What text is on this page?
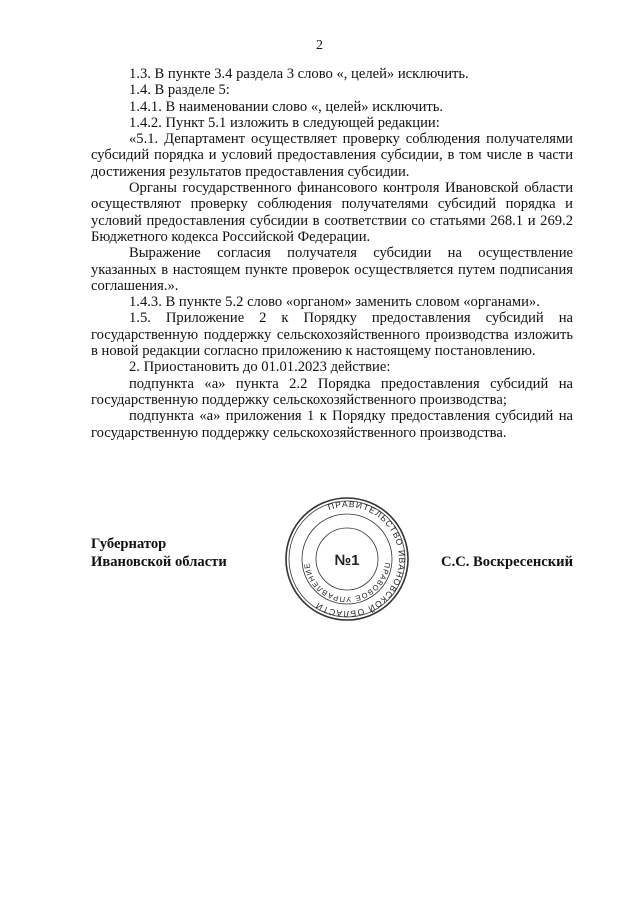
2

1.3. В пункте 3.4 раздела 3 слово «, целей» исключить.

1.4. В разделе 5:

1.4.1. В наименовании слово «, целей» исключить.

1.4.2. Пункт 5.1 изложить в следующей редакции:

«5.1. Департамент осуществляет проверку соблюдения получателями субсидий порядка и условий предоставления субсидии, в том числе в части достижения результатов предоставления субсидии.

Органы государственного финансового контроля Ивановской области осуществляют проверку соблюдения получателями субсидий порядка и условий предоставления субсидии в соответствии со статьями 268.1 и 269.2 Бюджетного кодекса Российской Федерации.

Выражение согласия получателя субсидии на осуществление указанных в настоящем пункте проверок осуществляется путем подписания соглашения.».

1.4.3. В пункте 5.2 слово «органом» заменить словом «органами».

1.5. Приложение 2 к Порядку предоставления субсидий на государственную поддержку сельскохозяйственного производства изложить в новой редакции согласно приложению к настоящему постановлению.

2. Приостановить до 01.01.2023 действие:

подпункта «а» пункта 2.2 Порядка предоставления субсидий на государственную поддержку сельскохозяйственного производства;

подпункта «а» приложения 1 к Порядку предоставления субсидий на государственную поддержку сельскохозяйственного производства.

Губернатор
Ивановской области
ПРАВИТЕЛЬСТВО ИВАНОВСКОЙ ОБЛАСТИ
ПРАВОВОЕ УПРАВЛЕНИЕ	№1	С.С. Воскресенский
